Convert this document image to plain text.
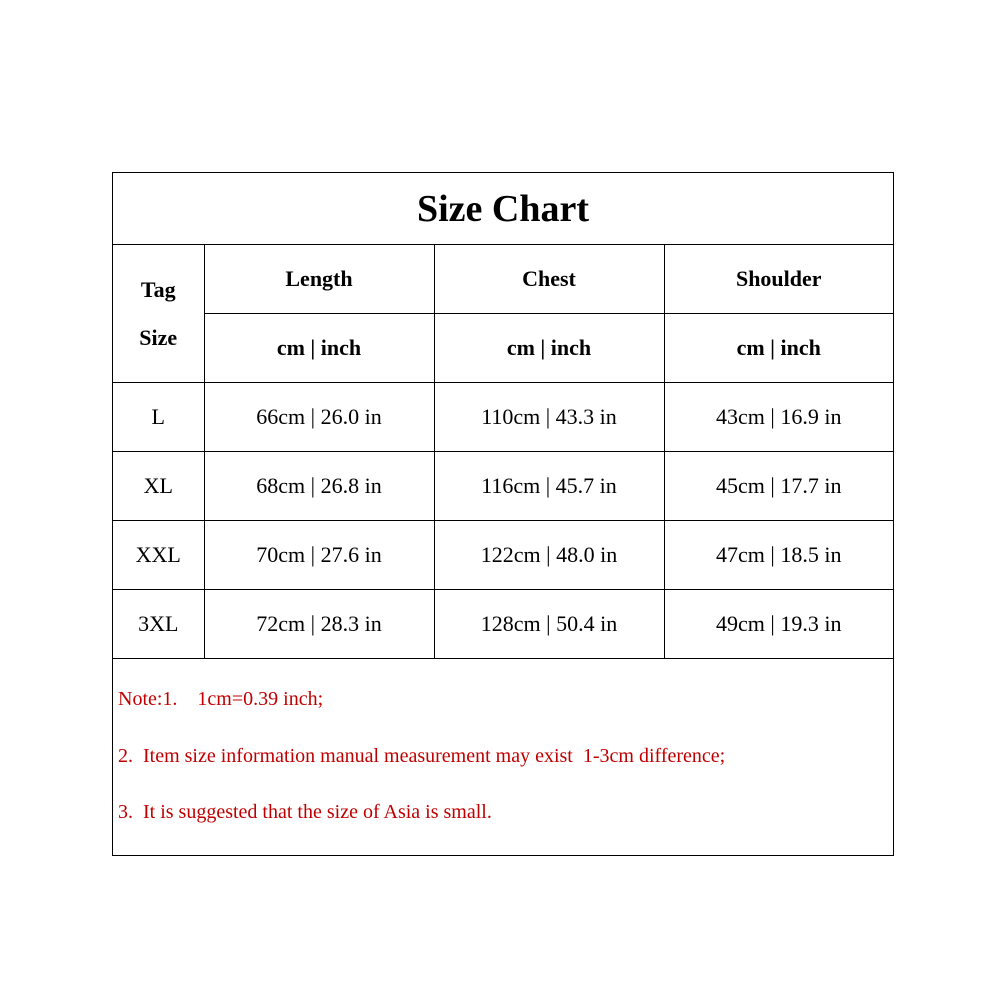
Size Chart
Tag
Size	Length	Chest	Shoulder
	cm | inch	cm | inch	cm | inch
L	66cm | 26.0 in	110cm | 43.3 in	43cm | 16.9 in
XL	68cm | 26.8 in	116cm | 45.7 in	45cm | 17.7 in
XXL	70cm | 27.6 in	122cm | 48.0 in	47cm | 18.5 in
3XL	72cm | 28.3 in	128cm | 50.4 in	49cm | 19.3 in
Note:1.    1cm=0.39 inch;
2.  Item size information manual measurement may exist  1-3cm difference;
3.  It is suggested that the size of Asia is small.
